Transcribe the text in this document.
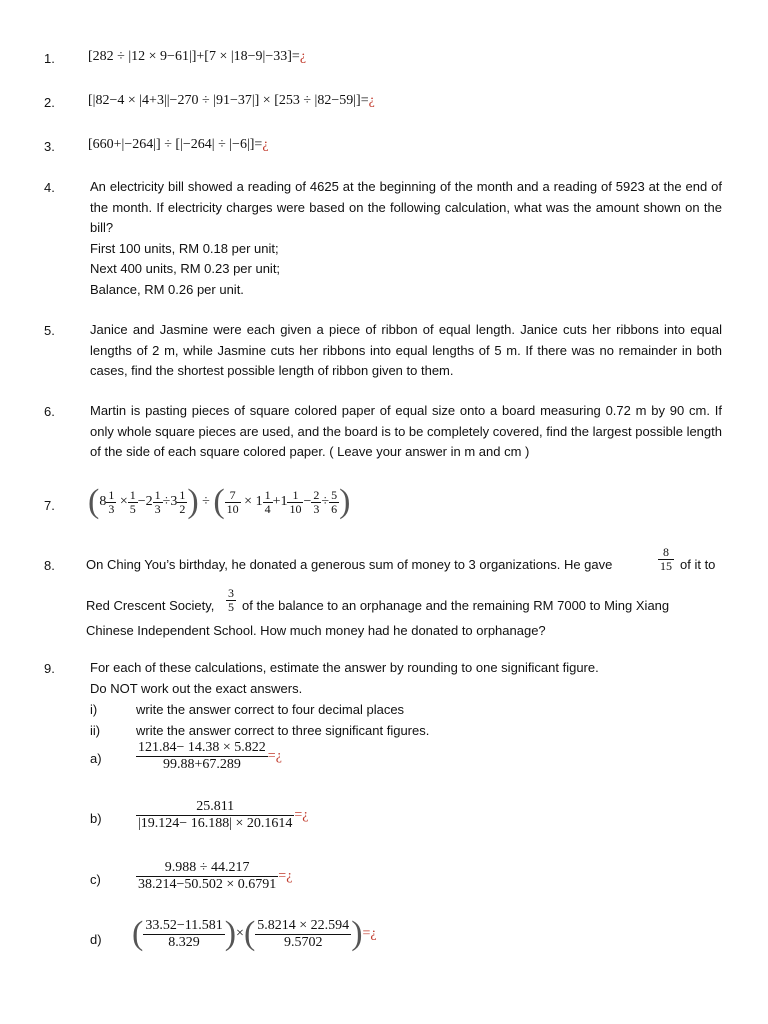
1. [282 ÷ |12 × 9−61|]+[7 × |18−9|−33]=¿
2. [|82−4 × |4+3||−270 ÷ |91−37|] × [253 ÷ |82−59|]=¿
3. [660+|−264|] ÷ [|−264| ÷ |−6|]=¿
4.	An electricity bill showed a reading of 4625 at the beginning of the month and a reading of 5923 at the end of the month. If electricity charges were based on the following calculation, what was the amount shown on the bill?
First 100 units, RM 0.18 per unit;
Next 400 units, RM 0.23 per unit;
Balance, RM 0.26 per unit.
5.	Janice and Jasmine were each given a piece of ribbon of equal length. Janice cuts her ribbons into equal lengths of 2 m, while Jasmine cuts her ribbons into equal lengths of 5 m. If there was no remainder in both cases, find the shortest possible length of ribbon given to them.
6.	Martin is pasting pieces of square colored paper of equal size onto a board measuring 0.72 m by 90 cm. If only whole square pieces are used, and the board is to be completely covered, find the largest possible length of the side of each square colored paper. ( Leave your answer in m and cm )
7. ($8 \frac{1}{3} \times \frac{1}{5} -2 \frac{1}{3} \div 3 \frac{1}{2}$ ) ÷ ( $\frac{7}{10} \times 1 \frac{1}{4} +1 \frac{1}{10} - \frac{2}{3} \div \frac{5}{6}$ )
8. On Ching You’s birthday, he donated a generous sum of money to 3 organizations. He gave	$\frac{8}{15}$ of it to
Red Crescent Society, $\frac{3}{5}$ of the balance to an orphanage and the remaining RM 7000 to Ming Xiang
Chinese Independent School. How much money had he donated to orphanage?
9.	For each of these calculations, estimate the answer by rounding to one significant figure.
Do NOT work out the exact answers.
i)	write the answer correct to four decimal places
ii)	write the answer correct to three significant figures.
$a) \frac{121.84- 14.38 \times 5.822}{99.88+67.289}$ =¿
$b) \frac{25.811}{|19.124- 16.188| \times 20.1614}$ =¿
c)	$\frac{9.988 \div 44.217}{38.214-50.502 \times 0.6791}$ =¿
d) ( $\frac{33.52-11.581}{8.329}$ )×( $\frac{5.8214 \times 22.594}{9.5702}$ )=¿
